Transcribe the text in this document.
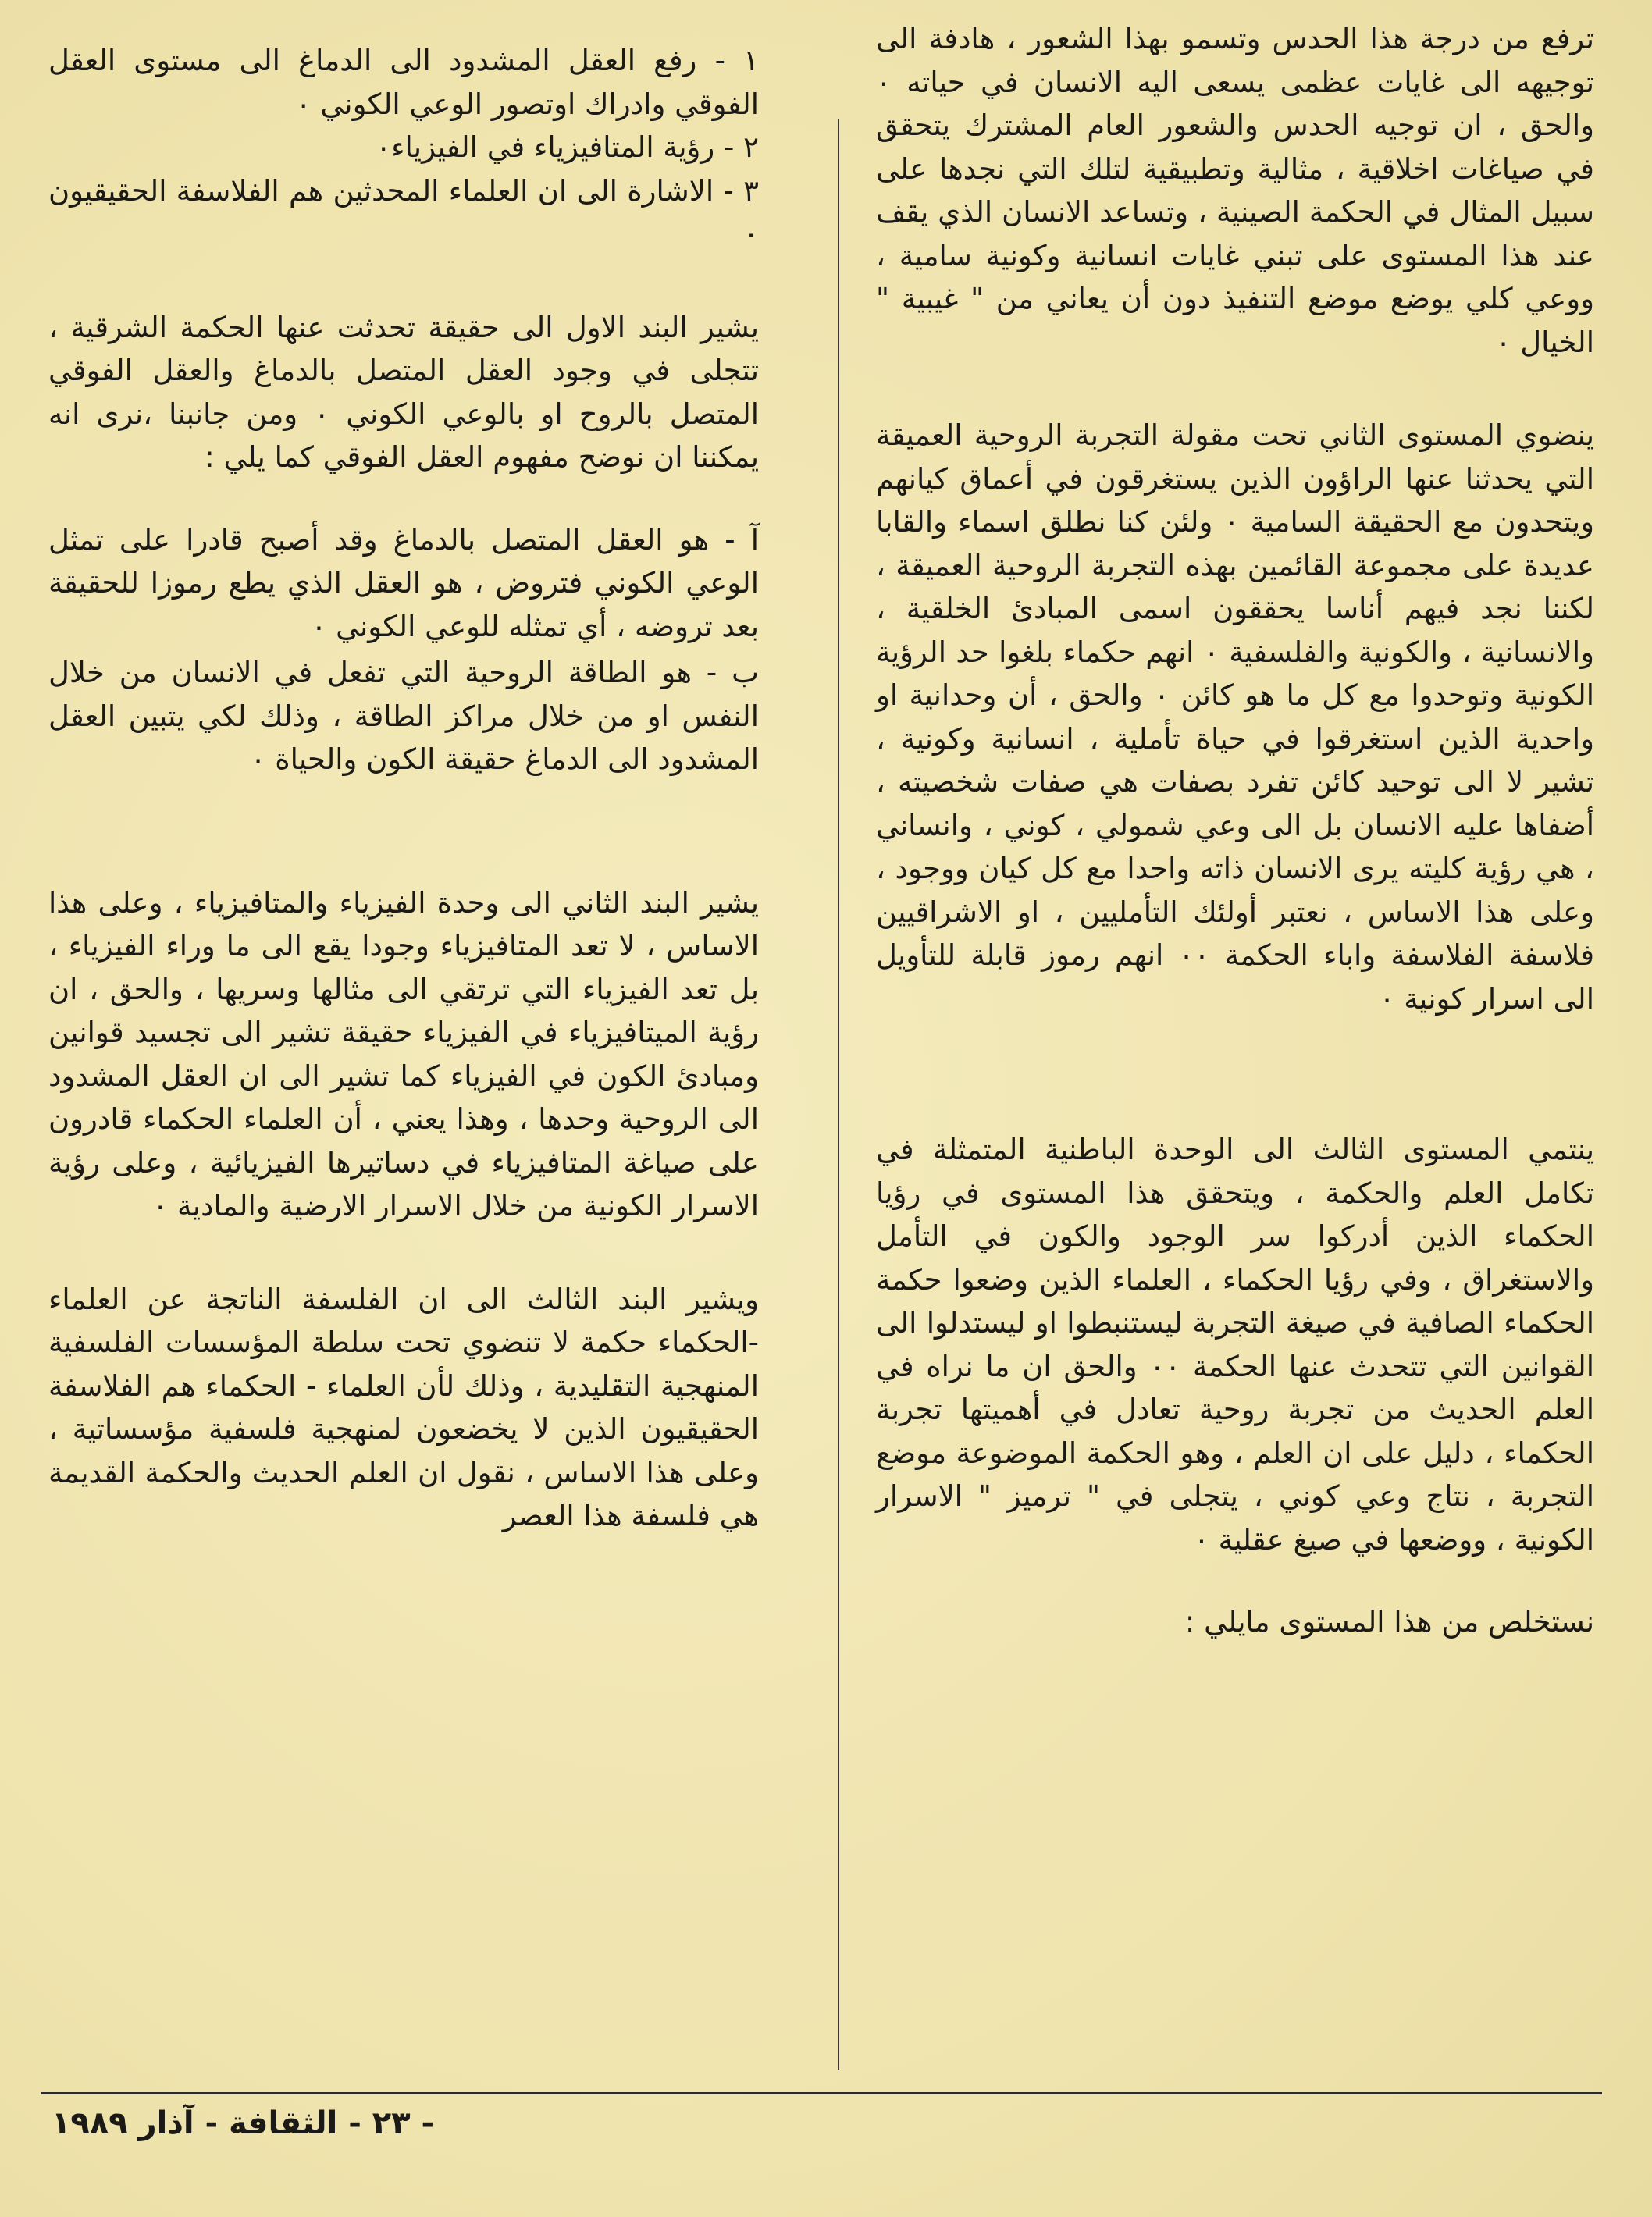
ترفع من درجة هذا الحدس وتسمو بهذا الشعور ، هادفة الى توجيهه الى غايات عظمى يسعى اليه الانسان في حياته ٠ والحق ، ان توجيه الحدس والشعور العام المشترك يتحقق في صياغات اخلاقية ، مثالية وتطبيقية لتلك التي نجدها على سبيل المثال في الحكمة الصينية ، وتساعد الانسان الذي يقف عند هذا المستوى على تبني غايات انسانية وكونية سامية ، ووعي كلي يوضع موضع التنفيذ دون أن يعاني من " غيبية " الخيال ٠

ينضوي المستوى الثاني تحت مقولة التجربة الروحية العميقة التي يحدثنا عنها الراؤون الذين يستغرقون في أعماق كيانهم ويتحدون مع الحقيقة السامية ٠ ولئن كنا نطلق اسماء والقابا عديدة على مجموعة القائمين بهذه التجربة الروحية العميقة ، لكننا نجد فيهم أناسا يحققون اسمى المبادئ الخلقية ، والانسانية ، والكونية والفلسفية ٠ انهم حكماء بلغوا حد الرؤية الكونية وتوحدوا مع كل ما هو كائن ٠ والحق ، أن وحدانية او واحدية الذين استغرقوا في حياة تأملية ، انسانية وكونية ، تشير لا الى توحيد كائن تفرد بصفات هي صفات شخصيته ، أضفاها عليه الانسان بل الى وعي شمولي ، كوني ، وانساني ، هي رؤية كليته يرى الانسان ذاته واحدا مع كل كيان ووجود ، وعلى هذا الاساس ، نعتبر أولئك التأمليين ، او الاشراقيين فلاسفة الفلاسفة واباء الحكمة ٠٠ انهم رموز قابلة للتأويل الى اسرار كونية ٠

ينتمي المستوى الثالث الى الوحدة الباطنية المتمثلة في تكامل العلم والحكمة ، ويتحقق هذا المستوى في رؤيا الحكماء الذين أدركوا سر الوجود والكون في التأمل والاستغراق ، وفي رؤيا الحكماء ، العلماء الذين وضعوا حكمة الحكماء الصافية في صيغة التجربة ليستنبطوا او ليستدلوا الى القوانين التي تتحدث عنها الحكمة ٠٠ والحق ان ما نراه في العلم الحديث من تجربة روحية تعادل في أهميتها تجربة الحكماء ، دليل على ان العلم ، وهو الحكمة الموضوعة موضع التجربة ، نتاج وعي كوني ، يتجلى في " ترميز " الاسرار الكونية ، ووضعها في صيغ عقلية ٠

نستخلص من هذا المستوى مايلي :

١ - رفع العقل المشدود الى الدماغ الى مستوى العقل الفوقي وادراك اوتصور الوعي الكوني ٠

٢ - رؤية المتافيزياء في الفيزياء٠

٣ - الاشارة الى ان العلماء المحدثين هم الفلاسفة الحقيقيون ٠

يشير البند الاول الى حقيقة تحدثت عنها الحكمة الشرقية ، تتجلى في وجود العقل المتصل بالدماغ والعقل الفوقي المتصل بالروح او بالوعي الكوني ٠ ومن جانبنا ،نرى انه يمكننا ان نوضح مفهوم العقل الفوقي كما يلي :

آ - هو العقل المتصل بالدماغ وقد أصبح قادرا على تمثل الوعي الكوني فتروض ، هو العقل الذي يطع رموزا للحقيقة بعد تروضه ، أي تمثله للوعي الكوني ٠

ب - هو الطاقة الروحية التي تفعل في الانسان من خلال النفس او من خلال مراكز الطاقة ، وذلك لكي يتبين العقل المشدود الى الدماغ حقيقة الكون والحياة ٠

يشير البند الثاني الى وحدة الفيزياء والمتافيزياء ، وعلى هذا الاساس ، لا تعد المتافيزياء وجودا يقع الى ما وراء الفيزياء ، بل تعد الفيزياء التي ترتقي الى مثالها وسريها ، والحق ، ان رؤية الميتافيزياء في الفيزياء حقيقة تشير الى تجسيد قوانين ومبادئ الكون في الفيزياء كما تشير الى ان العقل المشدود الى الروحية وحدها ، وهذا يعني ، أن العلماء الحكماء قادرون على صياغة المتافيزياء في دساتيرها الفيزيائية ، وعلى رؤية الاسرار الكونية من خلال الاسرار الارضية والمادية ٠

ويشير البند الثالث الى ان الفلسفة الناتجة عن العلماء -الحكماء حكمة لا تنضوي تحت سلطة المؤسسات الفلسفية المنهجية التقليدية ، وذلك لأن العلماء - الحكماء هم الفلاسفة الحقيقيون الذين لا يخضعون لمنهجية فلسفية مؤسساتية ، وعلى هذا الاساس ، نقول ان العلم الحديث والحكمة القديمة هي فلسفة هذا العصر

- ٢٣ - الثقافة - آذار ١٩٨٩
